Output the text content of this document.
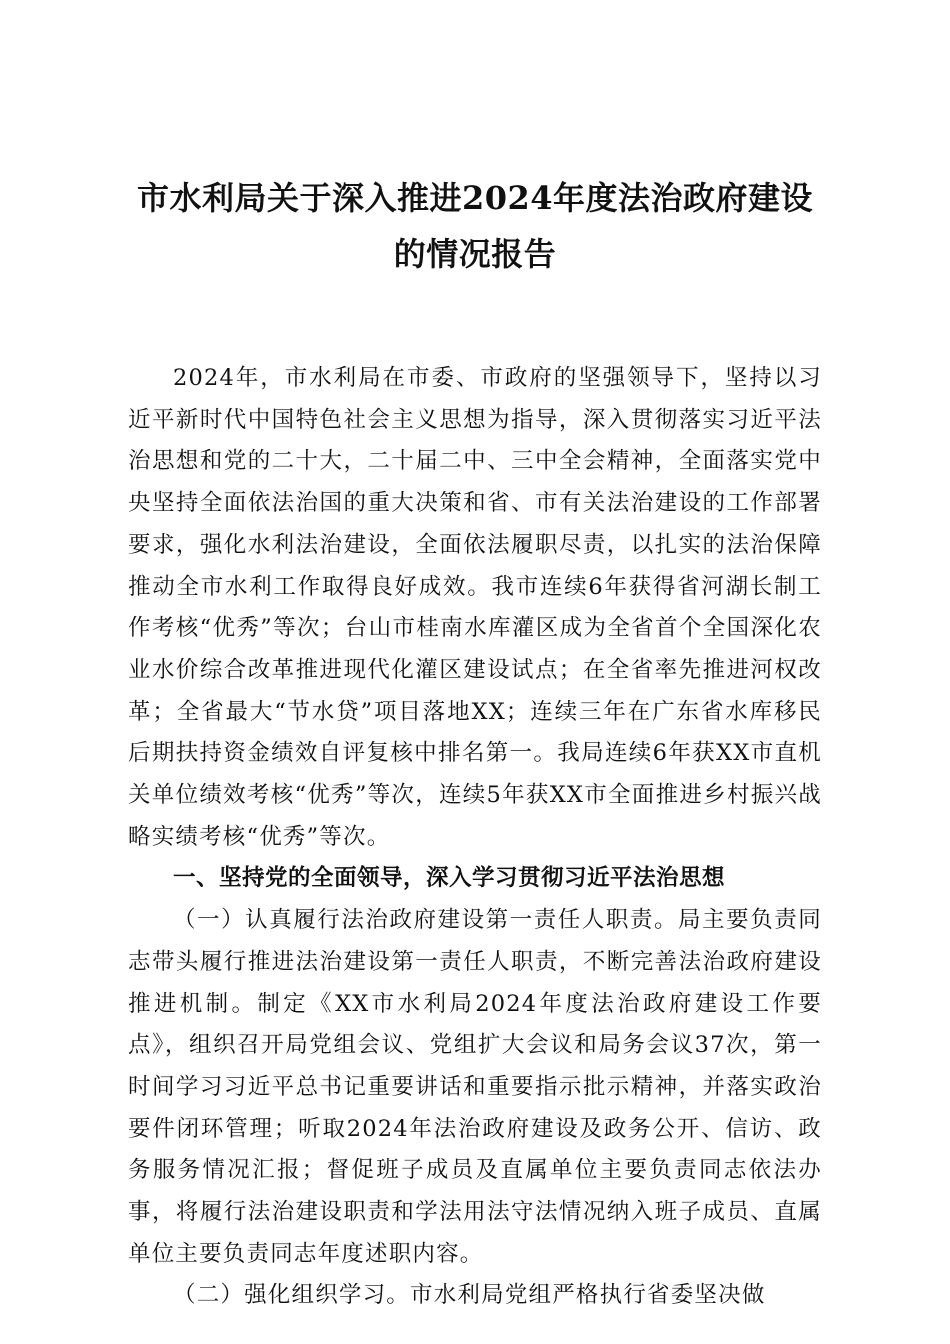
市水利局关于深入推进2024年度法治政府建设的情况报告

2024年，市水利局在市委、市政府的坚强领导下，坚持以习近平新时代中国特色社会主义思想为指导，深入贯彻落实习近平法治思想和党的二十大，二十届二中、三中全会精神，全面落实党中央坚持全面依法治国的重大决策和省、市有关法治建设的工作部署要求，强化水利法治建设，全面依法履职尽责，以扎实的法治保障推动全市水利工作取得良好成效。我市连续6年获得省河湖长制工作考核“优秀”等次；台山市桂南水库灌区成为全省首个全国深化农业水价综合改革推进现代化灌区建设试点；在全省率先推进河权改革；全省最大“节水贷”项目落地XX；连续三年在广东省水库移民后期扶持资金绩效自评复核中排名第一。我局连续6年获XX市直机关单位绩效考核“优秀”等次，连续5年获XX市全面推进乡村振兴战略实绩考核“优秀”等次。

一、坚持党的全面领导，深入学习贯彻习近平法治思想

（一）认真履行法治政府建设第一责任人职责。局主要负责同志带头履行推进法治建设第一责任人职责，不断完善法治政府建设推进机制。制定《XX市水利局2024年度法治政府建设工作要点》，组织召开局党组会议、党组扩大会议和局务会议37次，第一时间学习习近平总书记重要讲话和重要指示批示精神，并落实政治要件闭环管理；听取2024年法治政府建设及政务公开、信访、政务服务情况汇报；督促班子成员及直属单位主要负责同志依法办事，将履行法治建设职责和学法用法守法情况纳入班子成员、直属单位主要负责同志年度述职内容。

（二）强化组织学习。市水利局党组严格执行省委坚决做
